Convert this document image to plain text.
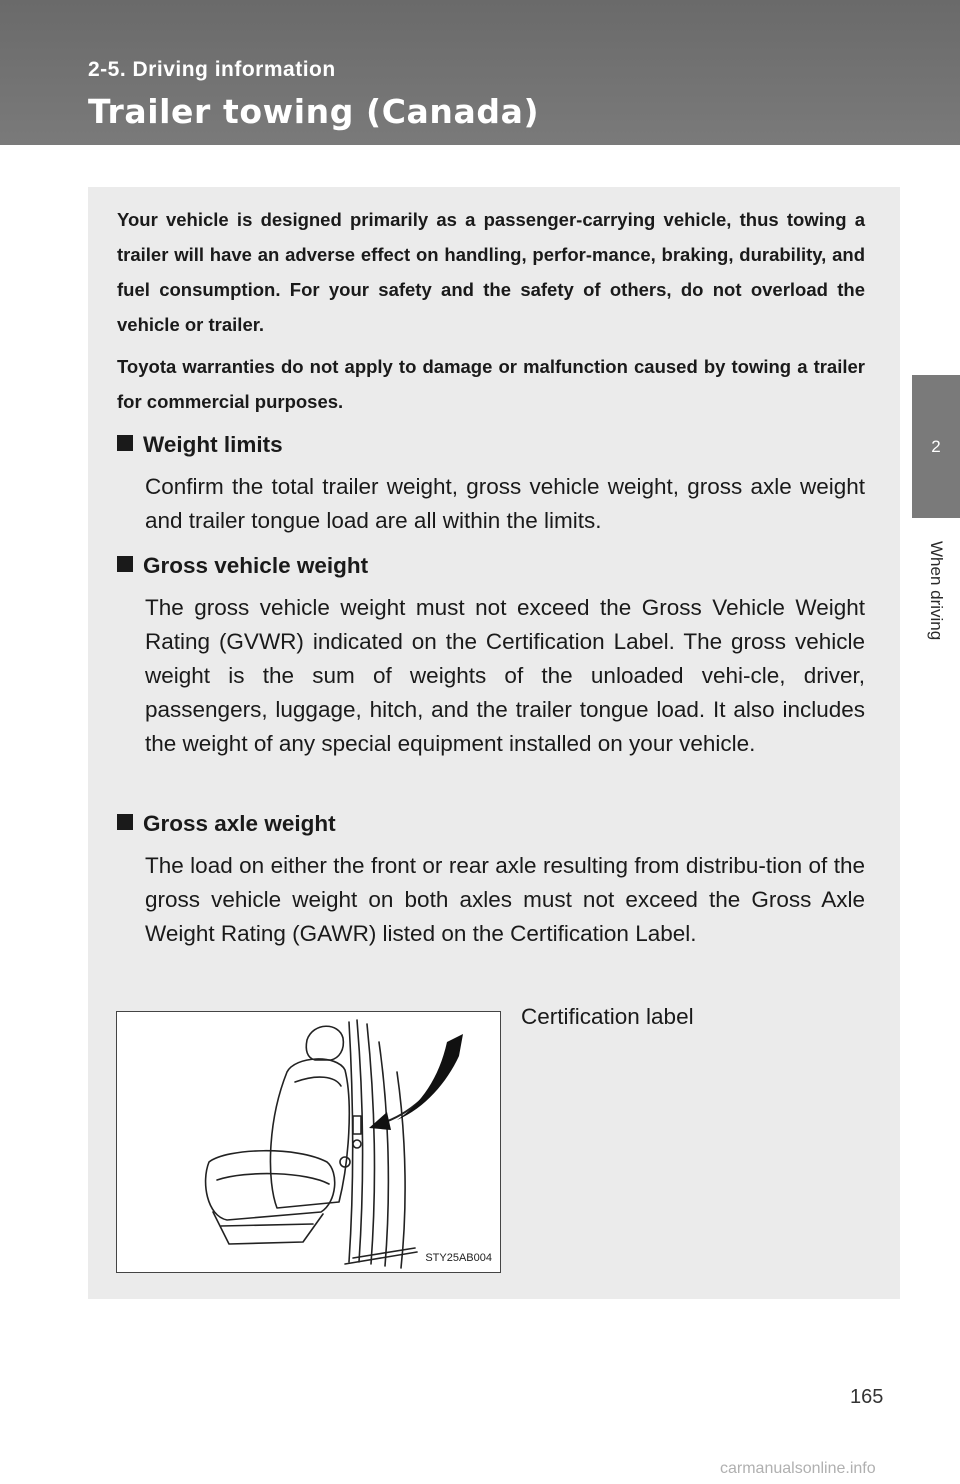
2-5. Driving information
Trailer towing (Canada)
2
When driving
Your vehicle is designed primarily as a passenger-carrying vehicle, thus towing a trailer will have an adverse effect on handling, perfor-mance, braking, durability, and fuel consumption. For your safety and the safety of others, do not overload the vehicle or trailer.
Toyota warranties do not apply to damage or malfunction caused by towing a trailer for commercial purposes.
Weight limits
Confirm the total trailer weight, gross vehicle weight, gross axle weight and trailer tongue load are all within the limits.
Gross vehicle weight
The gross vehicle weight must not exceed the Gross Vehicle Weight Rating (GVWR) indicated on the Certification Label. The gross vehicle weight is the sum of weights of the unloaded vehi-cle, driver, passengers, luggage, hitch, and the trailer tongue load. It also includes the weight of any special equipment installed on your vehicle.
Gross axle weight
The load on either the front or rear axle resulting from distribu-tion of the gross vehicle weight on both axles must not exceed the Gross Axle Weight Rating (GAWR) listed on the Certification Label.
STY25AB004
Certification label
165
carmanualsonline.info
